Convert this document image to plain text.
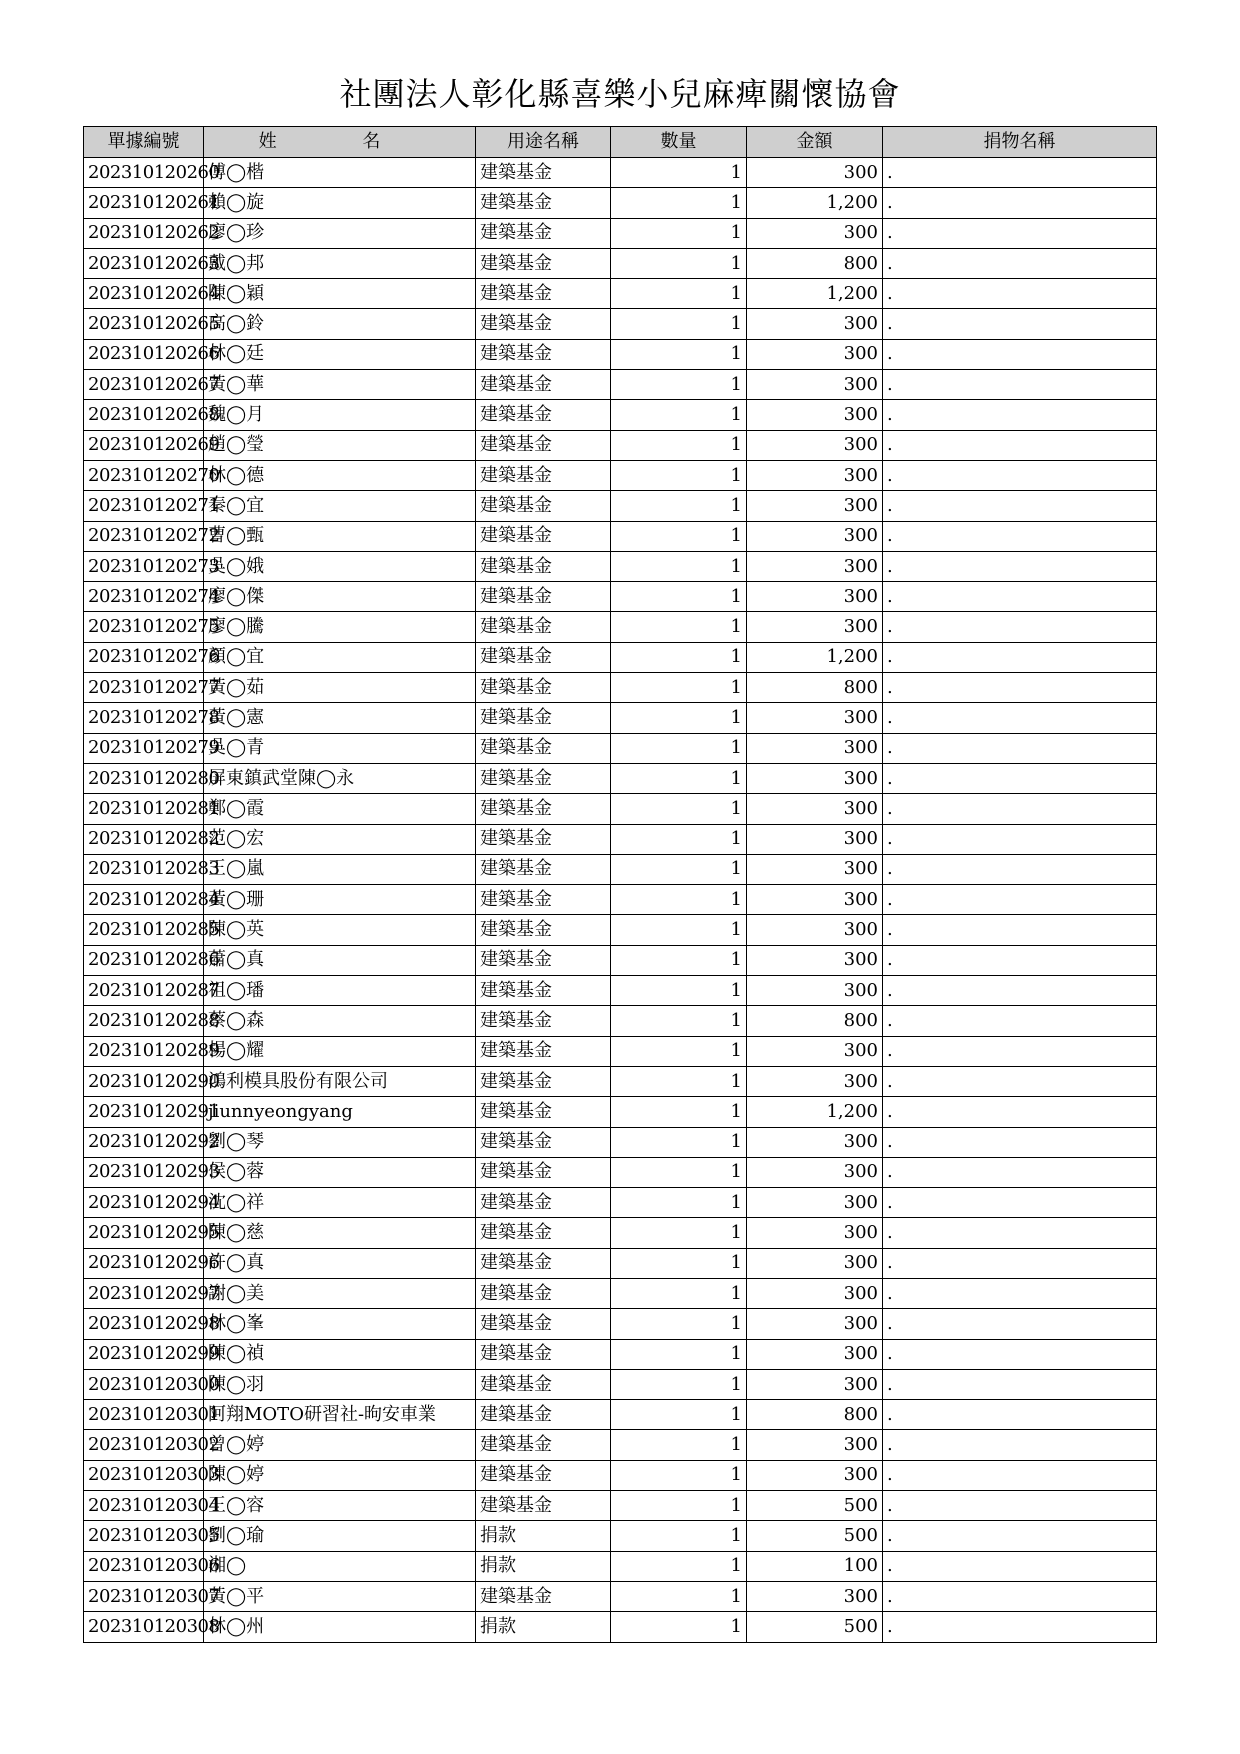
社團法人彰化縣喜樂小兒麻痺關懷協會
單據編號	姓 名	用途名稱	數量	金額	捐物名稱
202310120260	傅◯楷	建築基金	1	300	.
202310120261	賴◯旋	建築基金	1	1,200	.
202310120262	廖◯珍	建築基金	1	300	.
202310120263	戴◯邦	建築基金	1	800	.
202310120264	陳◯穎	建築基金	1	1,200	.
202310120265	高◯鈴	建築基金	1	300	.
202310120266	林◯廷	建築基金	1	300	.
202310120267	黃◯華	建築基金	1	300	.
202310120268	魏◯月	建築基金	1	300	.
202310120269	趙◯瑩	建築基金	1	300	.
202310120270	林◯德	建築基金	1	300	.
202310120271	秦◯宜	建築基金	1	300	.
202310120272	曹◯甄	建築基金	1	300	.
202310120273	吳◯娥	建築基金	1	300	.
202310120274	廖◯傑	建築基金	1	300	.
202310120275	廖◯騰	建築基金	1	300	.
202310120276	顏◯宜	建築基金	1	1,200	.
202310120277	黃◯茹	建築基金	1	800	.
202310120278	黃◯憲	建築基金	1	300	.
202310120279	吳◯青	建築基金	1	300	.
202310120280	屏東鎮武堂陳◯永	建築基金	1	300	.
202310120281	鄭◯霞	建築基金	1	300	.
202310120282	范◯宏	建築基金	1	300	.
202310120283	王◯嵐	建築基金	1	300	.
202310120284	黃◯珊	建築基金	1	300	.
202310120285	陳◯英	建築基金	1	300	.
202310120286	蕭◯真	建築基金	1	300	.
202310120287	祖◯璠	建築基金	1	300	.
202310120288	蔡◯森	建築基金	1	800	.
202310120289	楊◯耀	建築基金	1	300	.
202310120290	鴻利模具股份有限公司	建築基金	1	300	.
202310120291	jiunnyeongyang	建築基金	1	1,200	.
202310120292	劉◯琴	建築基金	1	300	.
202310120293	侯◯蓉	建築基金	1	300	.
202310120294	沈◯祥	建築基金	1	300	.
202310120295	陳◯慈	建築基金	1	300	.
202310120296	許◯真	建築基金	1	300	.
202310120297	謝◯美	建築基金	1	300	.
202310120298	林◯峯	建築基金	1	300	.
202310120299	陳◯禎	建築基金	1	300	.
202310120300	陳◯羽	建築基金	1	300	.
202310120301	阿翔MOTO研習社-昫安車業	建築基金	1	800	.
202310120302	曾◯婷	建築基金	1	300	.
202310120303	陳◯婷	建築基金	1	300	.
202310120304	王◯容	建築基金	1	500	.
202310120305	劉◯瑜	捐款	1	500	.
202310120306	湘◯	捐款	1	100	.
202310120307	黃◯平	建築基金	1	300	.
202310120308	林◯州	捐款	1	500	.
